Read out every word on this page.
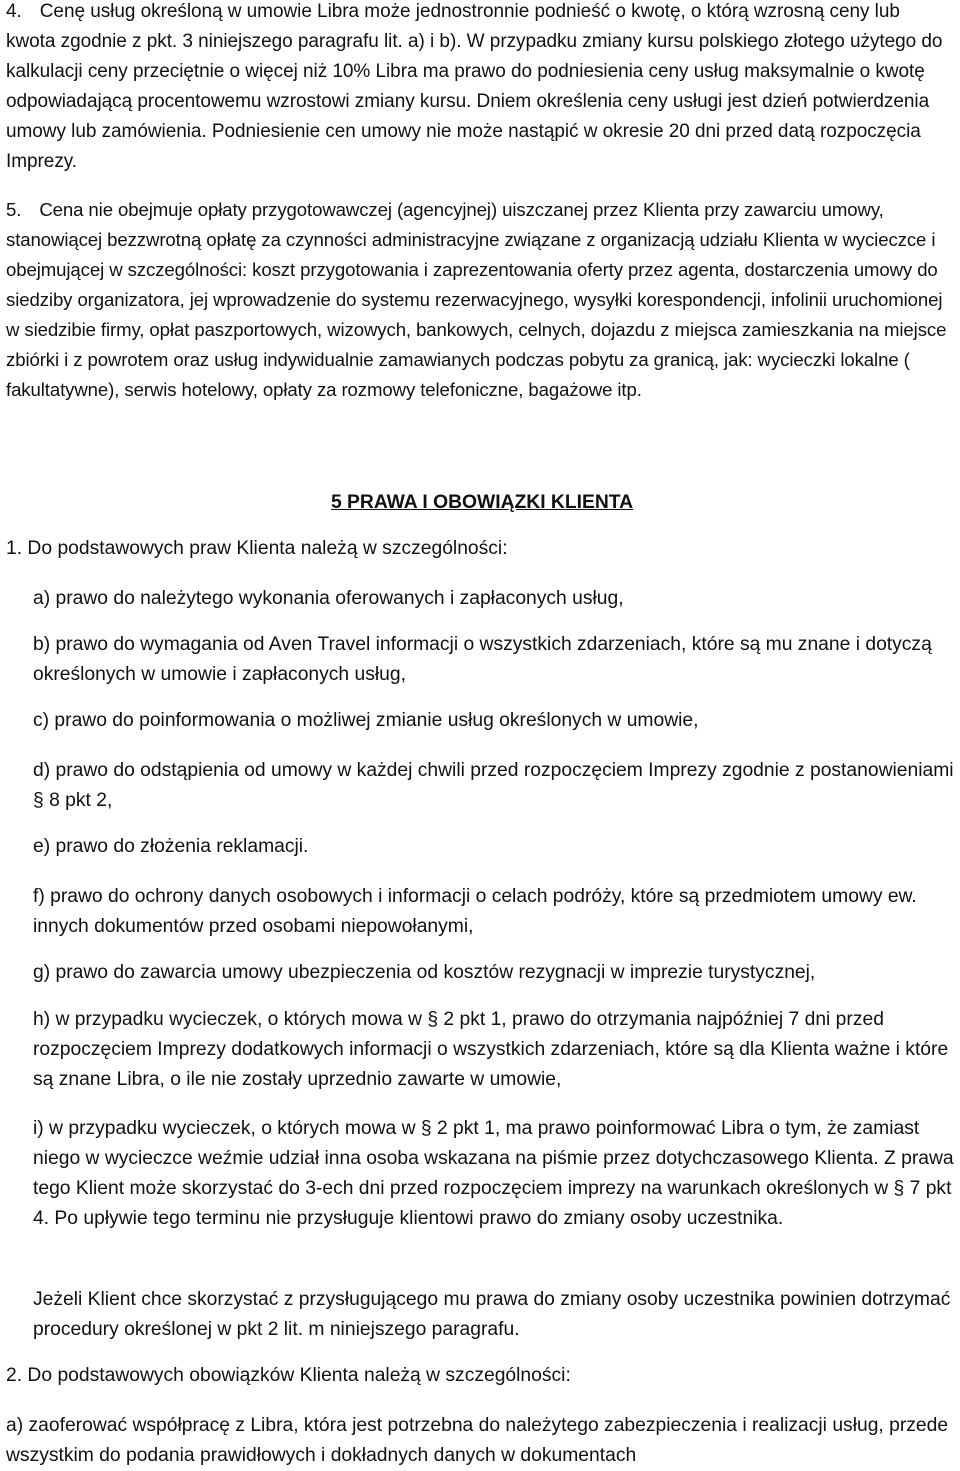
4. Cenę usług określoną w umowie Libra może jednostronnie podnieść o kwotę, o którą wzrosną ceny lub kwota zgodnie z pkt. 3 niniejszego paragrafu lit. a) i b). W przypadku zmiany kursu polskiego złotego użytego do kalkulacji ceny przeciętnie o więcej niż 10% Libra ma prawo do podniesienia ceny usług maksymalnie o kwotę odpowiadającą procentowemu wzrostowi zmiany kursu. Dniem określenia ceny usługi jest dzień potwierdzenia umowy lub zamówienia. Podniesienie cen umowy nie może nastąpić w okresie 20 dni przed datą rozpoczęcia Imprezy.

5. Cena nie obejmuje opłaty przygotowawczej (agencyjnej) uiszczanej przez Klienta przy zawarciu umowy, stanowiącej bezzwrotną opłatę za czynności administracyjne związane z organizacją udziału Klienta w wycieczce i obejmującej w szczególności: koszt przygotowania i zaprezentowania oferty przez agenta, dostarczenia umowy do siedziby organizatora, jej wprowadzenie do systemu rezerwacyjnego, wysyłki korespondencji, infolinii uruchomionej w siedzibie firmy, opłat paszportowych, wizowych, bankowych, celnych, dojazdu z miejsca zamieszkania na miejsce zbiórki i z powrotem oraz usług indywidualnie zamawianych podczas pobytu za granicą, jak: wycieczki lokalne ( fakultatywne), serwis hotelowy, opłaty za rozmowy telefoniczne, bagażowe itp.

5 PRAWA I OBOWIĄZKI KLIENTA

1. Do podstawowych praw Klienta należą w szczególności:

a) prawo do należytego wykonania oferowanych i zapłaconych usług,

b) prawo do wymagania od Aven Travel informacji o wszystkich zdarzeniach, które są mu znane i dotyczą określonych w umowie i zapłaconych usług,

c) prawo do poinformowania o możliwej zmianie usług określonych w umowie,

d) prawo do odstąpienia od umowy w każdej chwili przed rozpoczęciem Imprezy zgodnie z postanowieniami § 8 pkt 2,

e) prawo do złożenia reklamacji.

f) prawo do ochrony danych osobowych i informacji o celach podróży, które są przedmiotem umowy ew. innych dokumentów przed osobami niepowołanymi,

g) prawo do zawarcia umowy ubezpieczenia od kosztów rezygnacji w imprezie turystycznej,

h) w przypadku wycieczek, o których mowa w § 2 pkt 1, prawo do otrzymania najpóźniej 7 dni przed rozpoczęciem Imprezy dodatkowych informacji o wszystkich zdarzeniach, które są dla Klienta ważne i które są znane Libra, o ile nie zostały uprzednio zawarte w umowie,

i) w przypadku wycieczek, o których mowa w § 2 pkt 1, ma prawo poinformować Libra o tym, że zamiast niego w wycieczce weźmie udział inna osoba wskazana na piśmie przez dotychczasowego Klienta. Z prawa tego Klient może skorzystać do 3-ech dni przed rozpoczęciem imprezy na warunkach określonych w § 7 pkt 4. Po upływie tego terminu nie przysługuje klientowi prawo do zmiany osoby uczestnika.

Jeżeli Klient chce skorzystać z przysługującego mu prawa do zmiany osoby uczestnika powinien dotrzymać procedury określonej w pkt 2 lit. m niniejszego paragrafu.

2. Do podstawowych obowiązków Klienta należą w szczególności:

a) zaoferować współpracę z Libra, która jest potrzebna do należytego zabezpieczenia i realizacji usług, przede wszystkim do podania prawidłowych i dokładnych danych w dokumentach
